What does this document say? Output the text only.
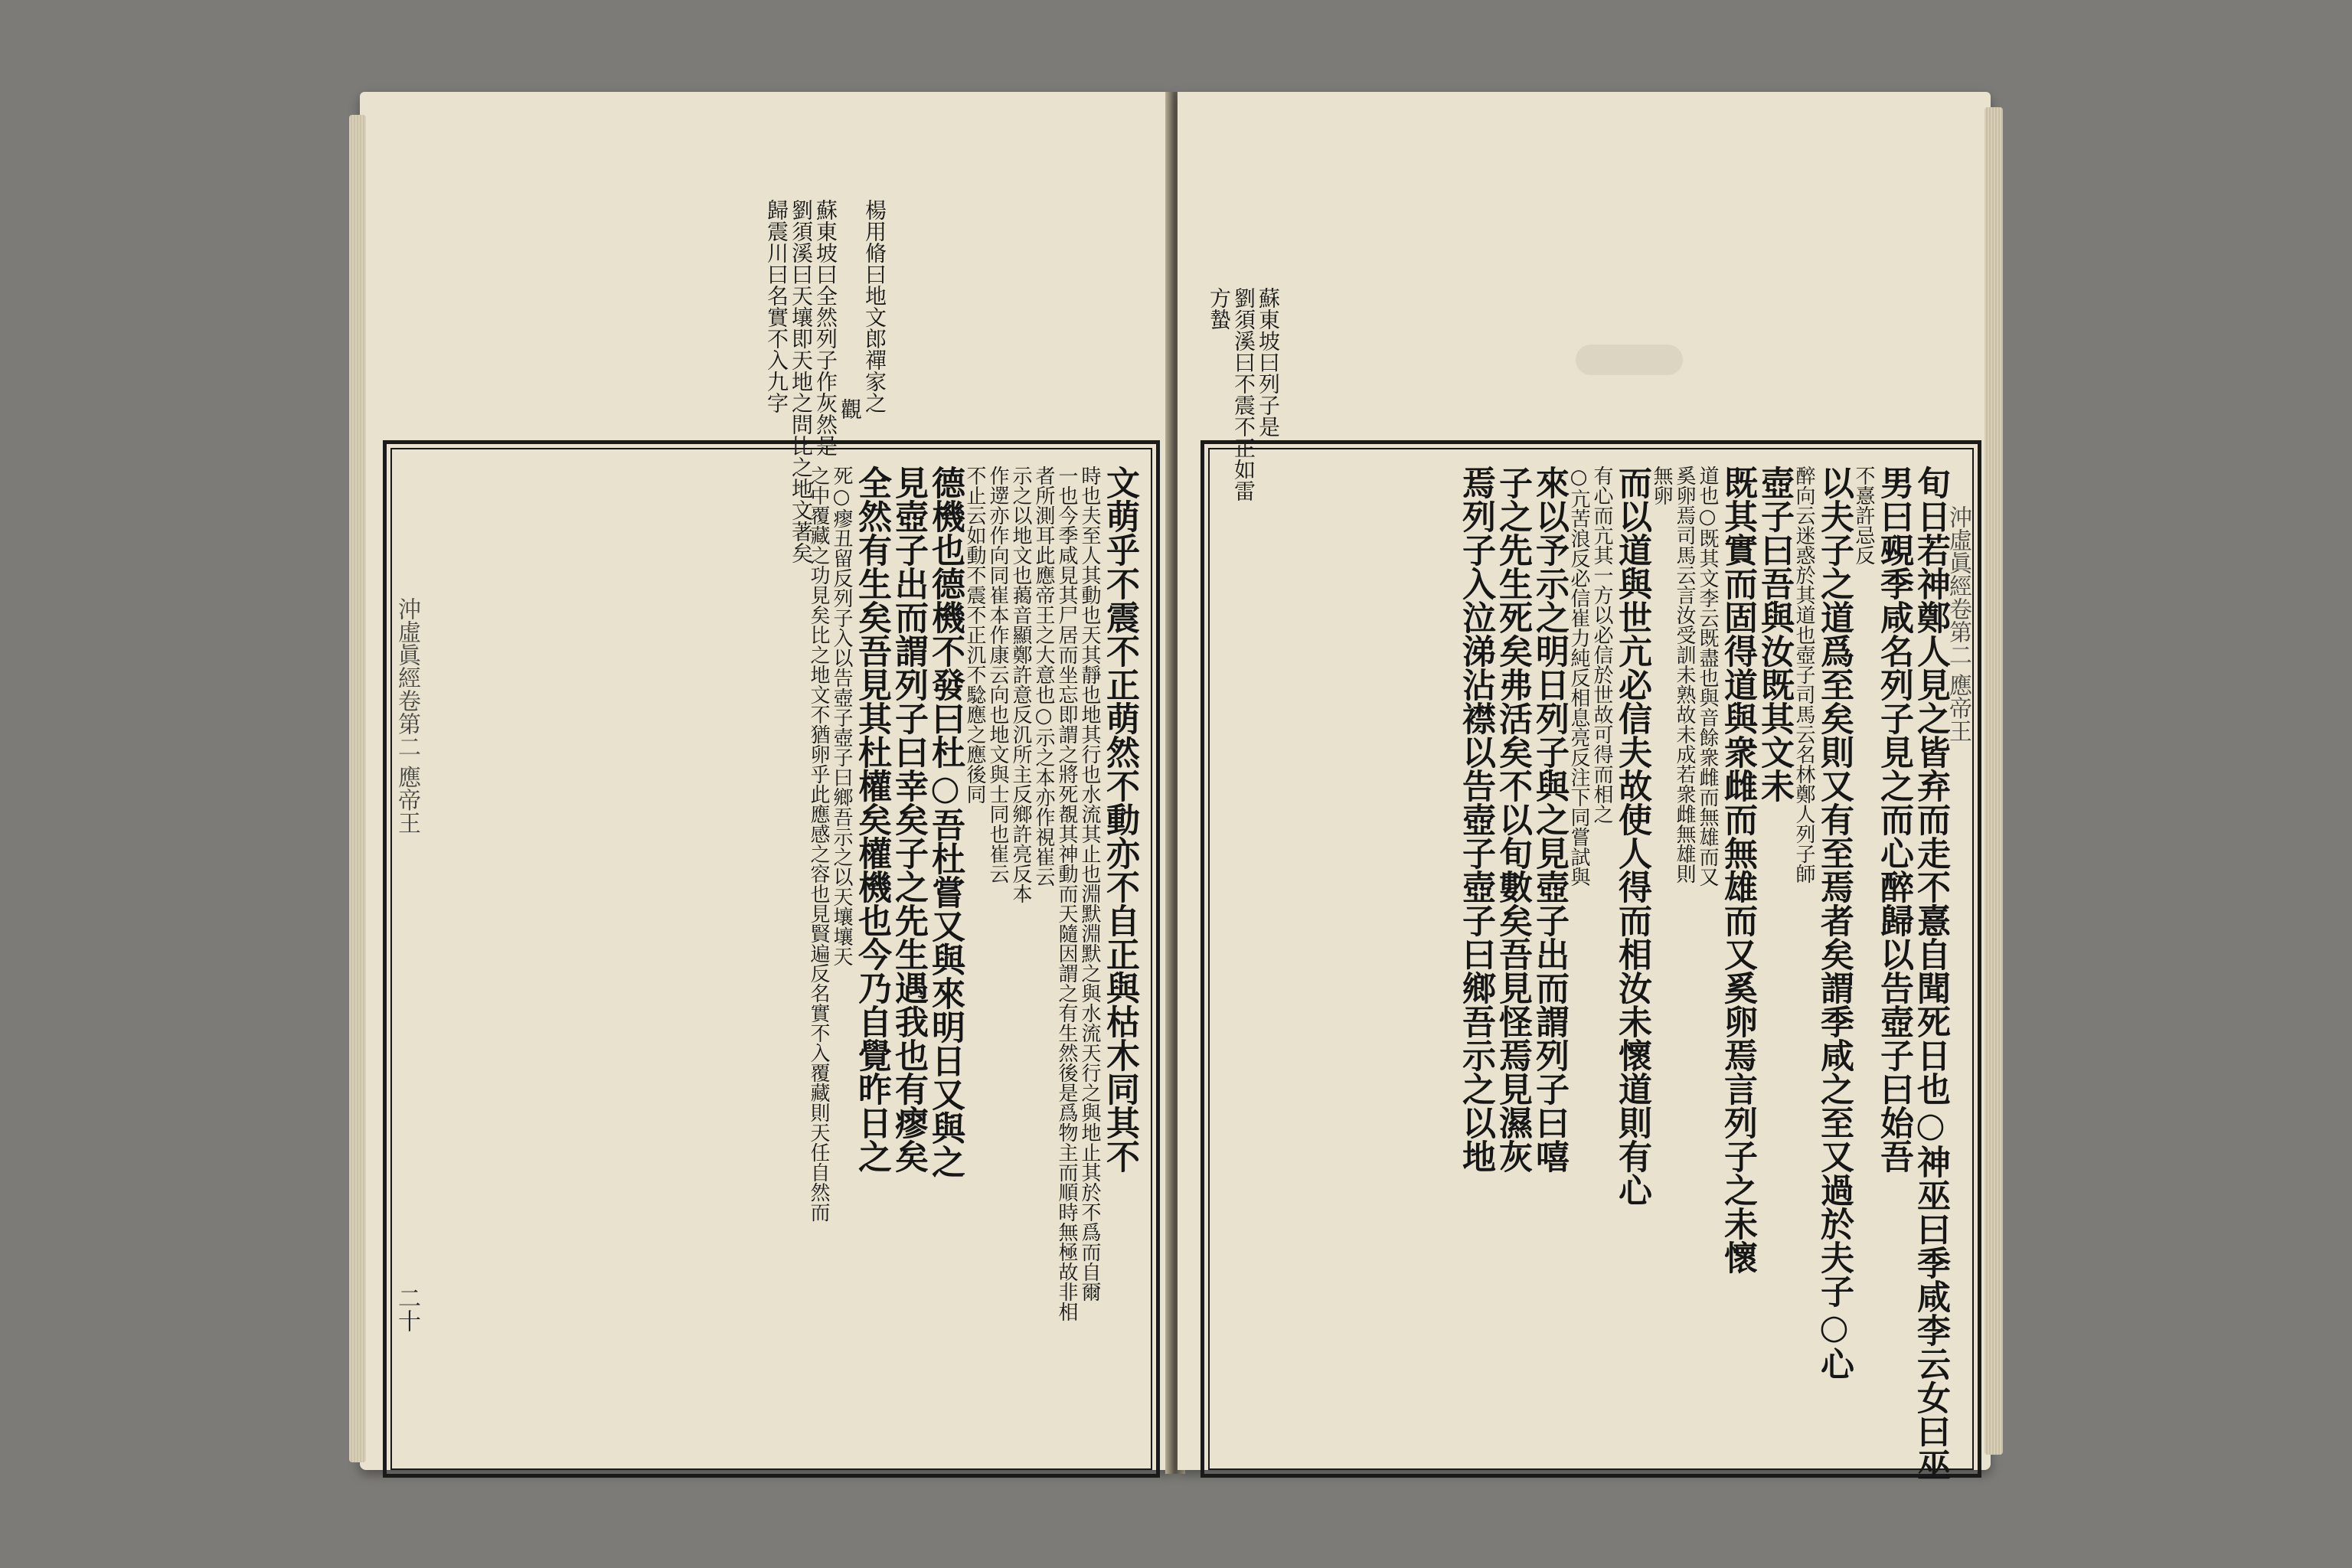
楊用脩曰地文郎禪家之
觀
蘇東坡曰全然列子作灰然是
劉須溪曰天壤即天地之問比之地文著矣
歸震川曰名實不入九字
文萌乎不震不正萌然不動亦不自正與枯木同其不
時也夫至人其動也天其靜也地其行也水流其止也淵默淵默之與水流天行之與地止其於不爲而自爾
一也今季咸見其尸居而坐忘即謂之將死覩其神動而天隨因謂之有生然後是爲物主而順時無極故非相
者所測耳此應帝王之大意也○示之本亦作視崔云
示之以地文也䔾音顯鄭許意反㲹所主反鄉許亮反本
作遻亦作向同崔本作康云向也地文與士同也崔云
不止云如動不震不正㲹不騐應之應後同
德機也德機不發曰杜○吾杜嘗又與來明日又與之
見壺子出而謂列子曰幸矣子之先生遇我也有瘳矣
全然有生矣吾見其杜權矣權機也今乃自覺昨日之
死○瘳丑留反列子入以告壺子壺子曰鄉吾示之以天壤壤天
之中覆藏之功見矣比之地文不猶卵乎此應感之容也見賢遍反名實不入覆藏則天任自然而
沖虛眞經卷第二 應帝王
二十
蘇東坡曰列子是
劉須溪曰不震不正如雷
方蟄
旬日若神鄭人見之皆弃而走不憙自聞死日也○神巫曰季咸李云女曰巫
男曰覡季咸名列子見之而心醉歸以告壺子曰始吾
不憙許忌反
以夫子之道爲至矣則又有至焉者矣謂季咸之至又過於夫子○心
醉向云迷惑於其道也壺子司馬云名林鄭人列子師
壺子曰吾與汝既其文未
既其實而固得道與衆雌而無雄而又奚卵焉言列子之未懷
道也○既其文李云既盡也與音餘衆雌而無雄而又
奚卵焉司馬云言汝受訓未熟故未成若衆雌無雄則
無卵
而以道與世亢必信夫故使人得而相汝未懷道則有心
有心而亢其一方以必信於世故可得而相之
○亢苦浪反必信崔力純反相息亮反注下同嘗試與
來以予示之明日列子與之見壺子出而謂列子曰嘻
子之先生死矣弗活矣不以旬數矣吾見怪焉見濕灰
焉列子入泣涕沾襟以告壺子壺子曰鄉吾示之以地	沖虛眞經卷第二 應帝王
